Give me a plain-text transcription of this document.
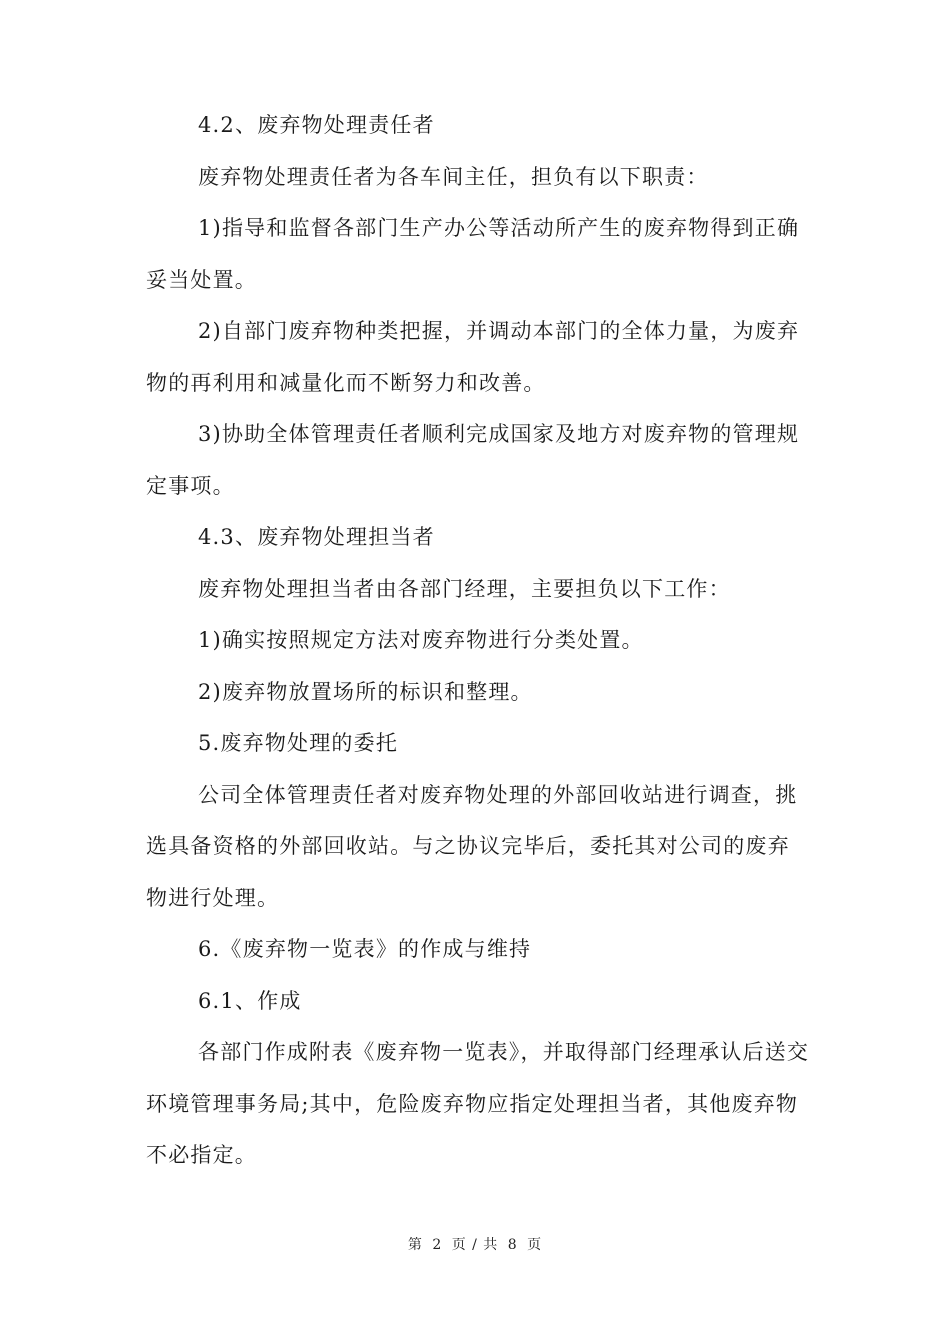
4.2、废弃物处理责任者

废弃物处理责任者为各车间主任，担负有以下职责：

1)指导和监督各部门生产办公等活动所产生的废弃物得到正确妥当处置。

2)自部门废弃物种类把握，并调动本部门的全体力量，为废弃物的再利用和减量化而不断努力和改善。

3)协助全体管理责任者顺利完成国家及地方对废弃物的管理规定事项。

4.3、废弃物处理担当者

废弃物处理担当者由各部门经理，主要担负以下工作：

1)确实按照规定方法对废弃物进行分类处置。

2)废弃物放置场所的标识和整理。

5.废弃物处理的委托

公司全体管理责任者对废弃物处理的外部回收站进行调查，挑选具备资格的外部回收站。与之协议完毕后，委托其对公司的废弃物进行处理。

6.《废弃物一览表》的作成与维持

6.1、作成

各部门作成附表《废弃物一览表》，并取得部门经理承认后送交环境管理事务局;其中，危险废弃物应指定处理担当者，其他废弃物不必指定。

第 2 页 / 共 8 页
